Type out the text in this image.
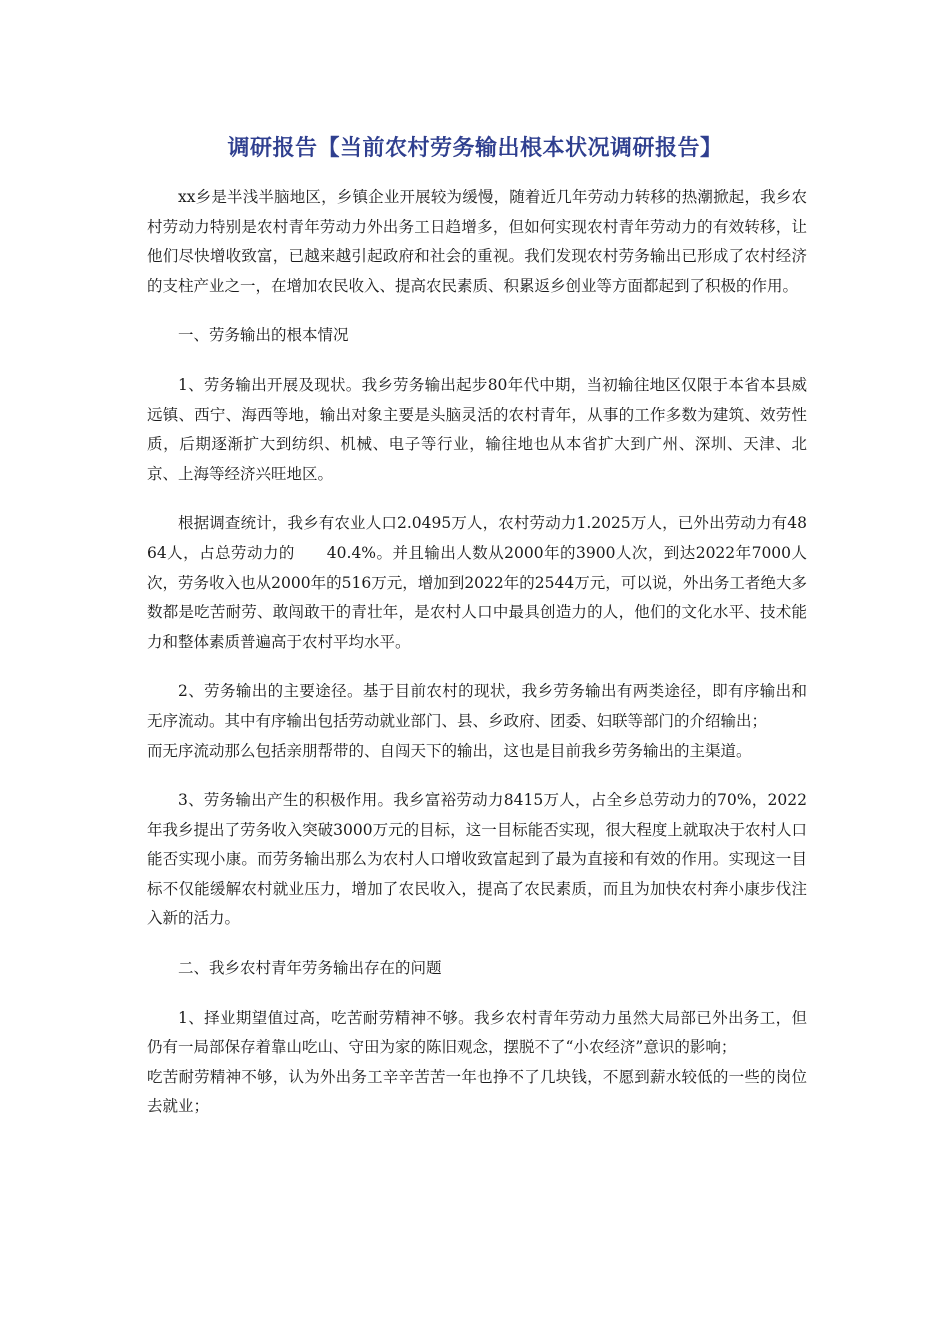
调研报告【当前农村劳务输出根本状况调研报告】

xx乡是半浅半脑地区，乡镇企业开展较为缓慢，随着近几年劳动力转移的热潮掀起，我乡农村劳动力特别是农村青年劳动力外出务工日趋增多，但如何实现农村青年劳动力的有效转移，让他们尽快增收致富，已越来越引起政府和社会的重视。我们发现农村劳务输出已形成了农村经济的支柱产业之一，在增加农民收入、提高农民素质、积累返乡创业等方面都起到了积极的作用。

一、劳务输出的根本情况

1、劳务输出开展及现状。我乡劳务输出起步80年代中期，当初输往地区仅限于本省本县威远镇、西宁、海西等地，输出对象主要是头脑灵活的农村青年，从事的工作多数为建筑、效劳性质，后期逐渐扩大到纺织、机械、电子等行业，输往地也从本省扩大到广州、深圳、天津、北京、上海等经济兴旺地区。

根据调查统计，我乡有农业人口2.0495万人，农村劳动力1.2025万人，已外出劳动力有4864人，占总劳动力的　　40.4%。并且输出人数从2000年的3900人次，到达2022年7000人次，劳务收入也从2000年的516万元，增加到2022年的2544万元，可以说，外出务工者绝大多数都是吃苦耐劳、敢闯敢干的青壮年，是农村人口中最具创造力的人，他们的文化水平、技术能力和整体素质普遍高于农村平均水平。

2、劳务输出的主要途径。基于目前农村的现状，我乡劳务输出有两类途径，即有序输出和无序流动。其中有序输出包括劳动就业部门、县、乡政府、团委、妇联等部门的介绍输出；

而无序流动那么包括亲朋帮带的、自闯天下的输出，这也是目前我乡劳务输出的主渠道。

3、劳务输出产生的积极作用。我乡富裕劳动力8415万人，占全乡总劳动力的70%，2022年我乡提出了劳务收入突破3000万元的目标，这一目标能否实现，很大程度上就取决于农村人口能否实现小康。而劳务输出那么为农村人口增收致富起到了最为直接和有效的作用。实现这一目标不仅能缓解农村就业压力，增加了农民收入，提高了农民素质，而且为加快农村奔小康步伐注入新的活力。

二、我乡农村青年劳务输出存在的问题

1、择业期望值过高，吃苦耐劳精神不够。我乡农村青年劳动力虽然大局部已外出务工，但仍有一局部保存着靠山吃山、守田为家的陈旧观念，摆脱不了“小农经济”意识的影响；

吃苦耐劳精神不够，认为外出务工辛辛苦苦一年也挣不了几块钱，不愿到薪水较低的一些的岗位去就业；
